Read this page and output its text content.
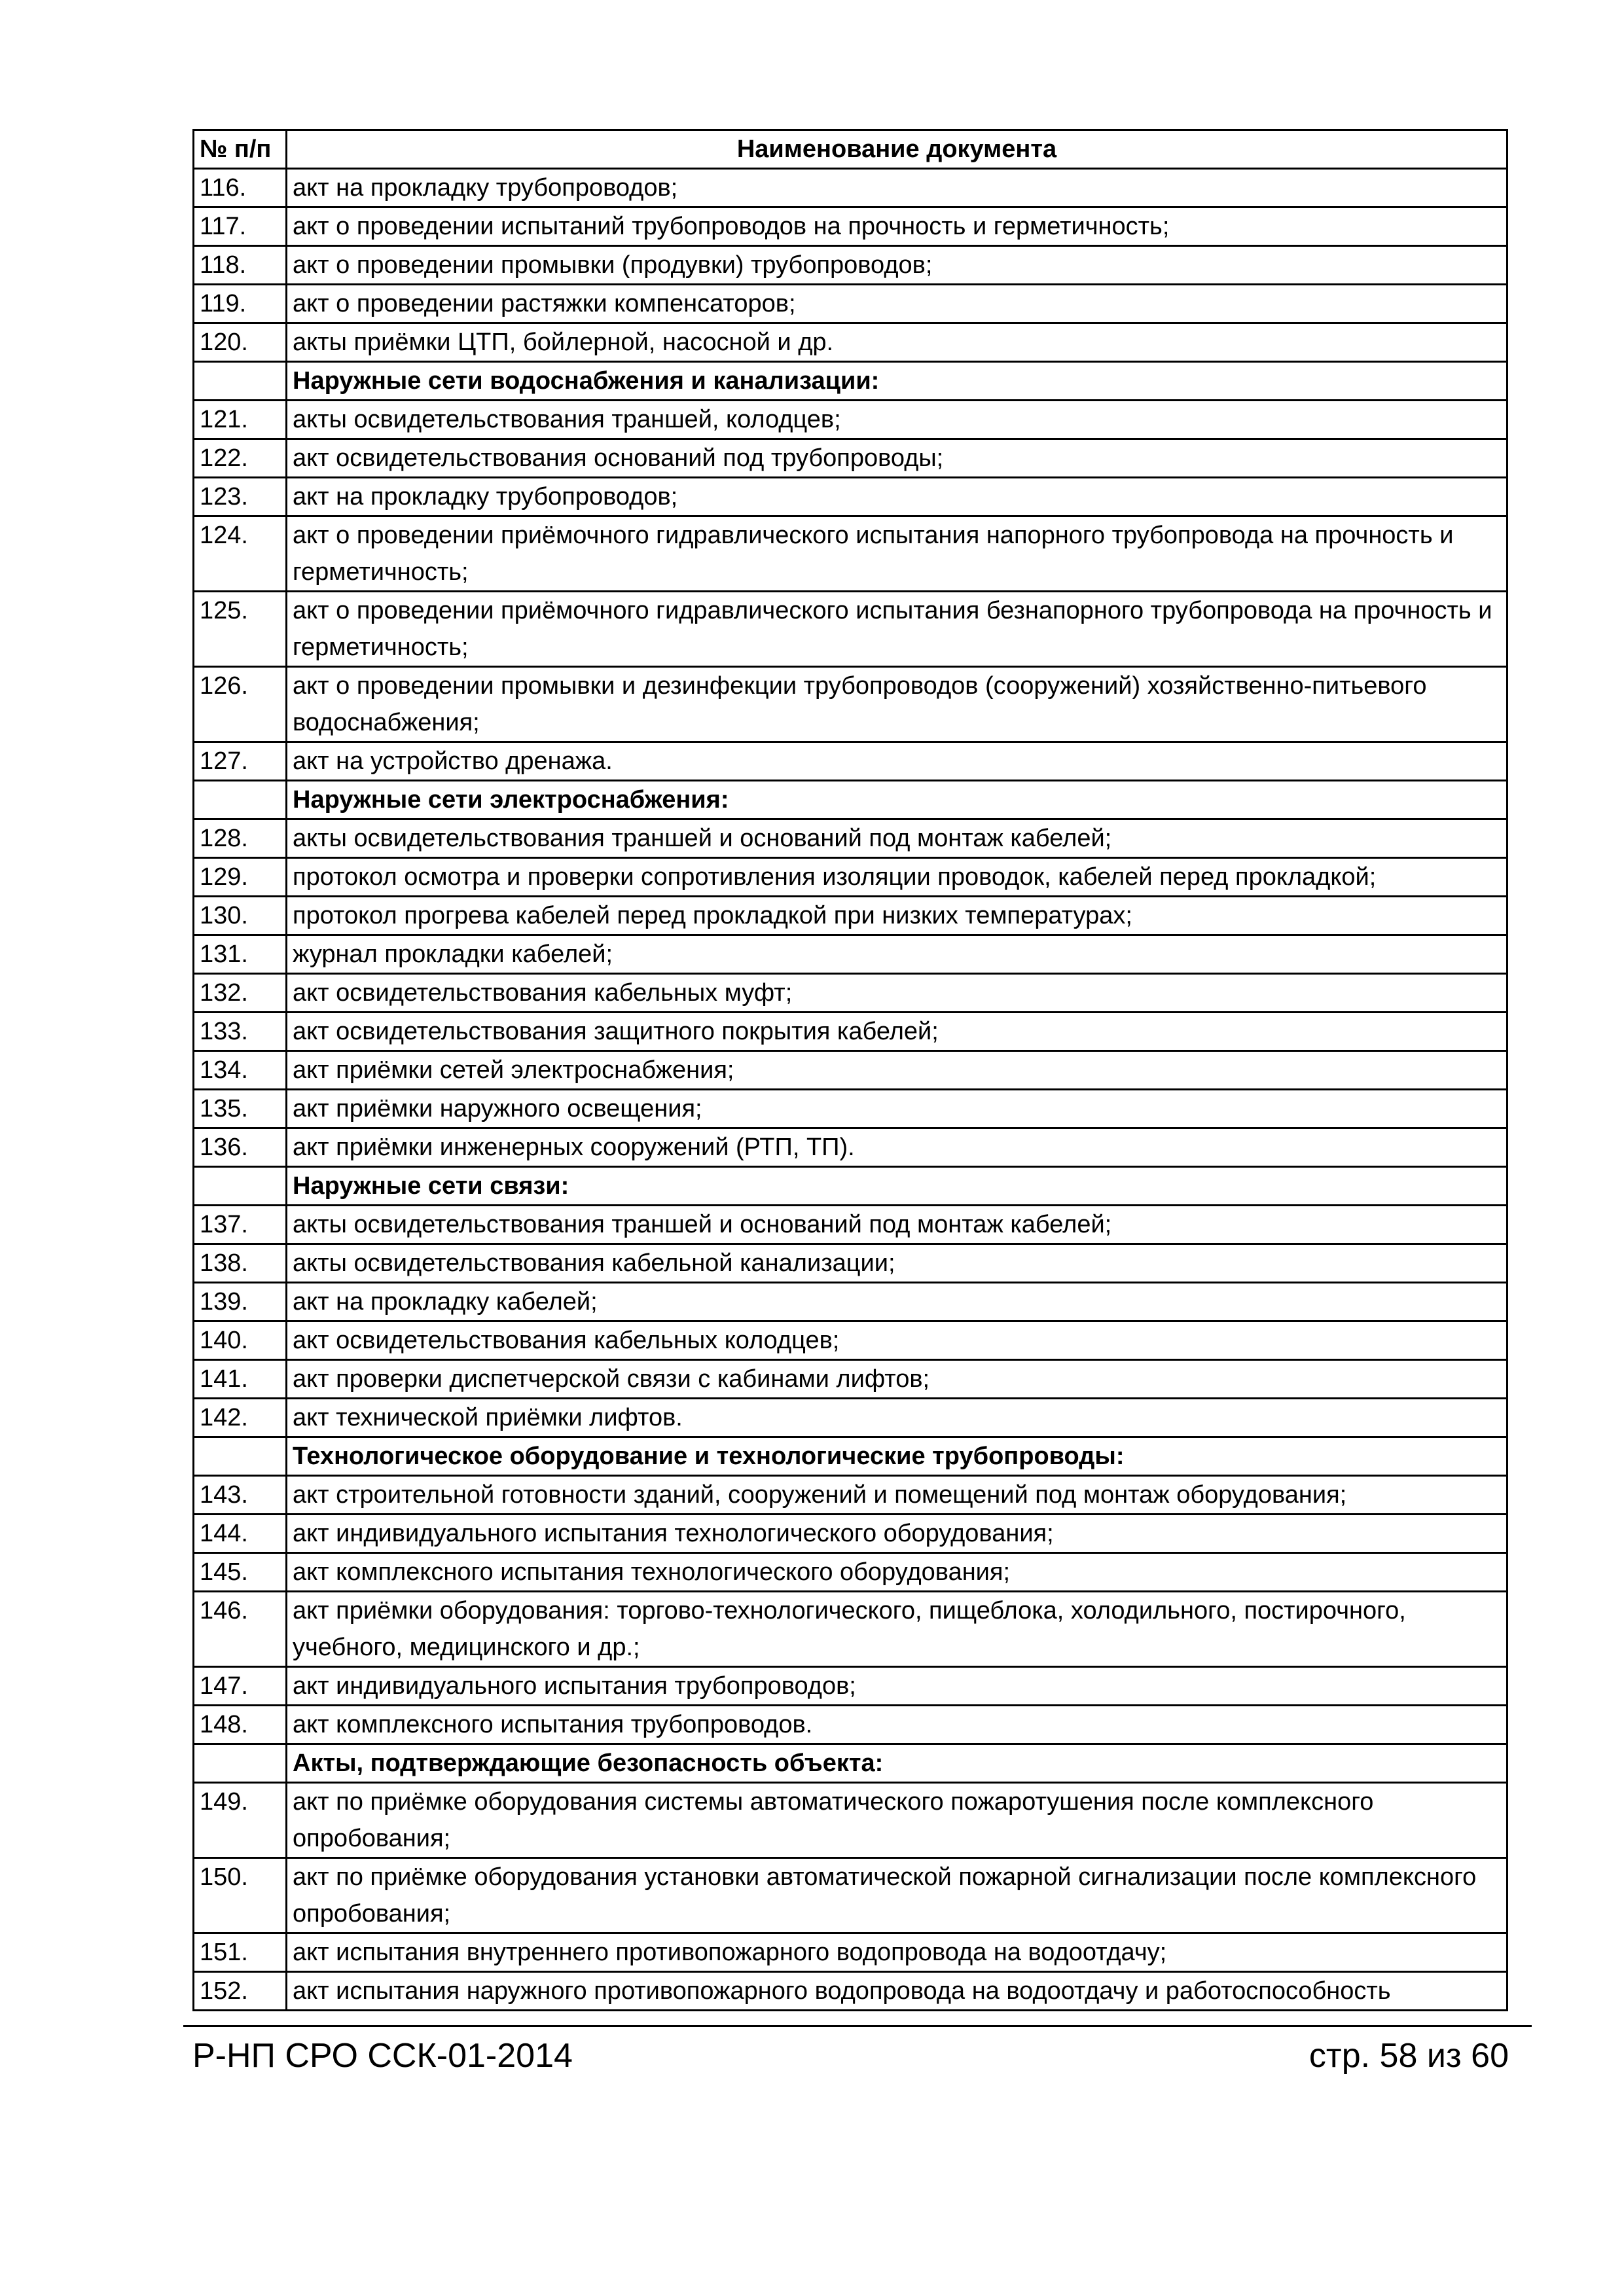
№ п/п	Наименование документа
116.	акт на прокладку трубопроводов;
117.	акт о проведении испытаний трубопроводов на прочность и герметичность;
118.	акт о проведении промывки (продувки) трубопроводов;
119.	акт о проведении растяжки компенсаторов;
120.	акты приёмки ЦТП, бойлерной, насосной и др.
	Наружные сети водоснабжения и канализации:
121.	акты освидетельствования траншей, колодцев;
122.	акт освидетельствования оснований под трубопроводы;
123.	акт на прокладку трубопроводов;
124.	акт о проведении приёмочного гидравлического испытания напорного трубопровода на прочность и герметичность;
125.	акт о проведении приёмочного гидравлического испытания безнапорного трубопровода на прочность и герметичность;
126.	акт о проведении промывки и дезинфекции трубопроводов (сооружений) хозяйственно-питьевого водоснабжения;
127.	акт на устройство дренажа.
	Наружные сети электроснабжения:
128.	акты освидетельствования траншей и оснований под монтаж кабелей;
129.	протокол осмотра и проверки сопротивления изоляции проводок, кабелей перед прокладкой;
130.	протокол прогрева кабелей перед прокладкой при низких температурах;
131.	журнал прокладки кабелей;
132.	акт освидетельствования кабельных муфт;
133.	акт освидетельствования защитного покрытия кабелей;
134.	акт приёмки сетей электроснабжения;
135.	акт приёмки наружного освещения;
136.	акт приёмки инженерных сооружений (РТП, ТП).
	Наружные сети связи:
137.	акты освидетельствования траншей и оснований под монтаж кабелей;
138.	акты освидетельствования кабельной канализации;
139.	акт на прокладку кабелей;
140.	акт освидетельствования кабельных колодцев;
141.	акт проверки диспетчерской связи с кабинами лифтов;
142.	акт технической приёмки лифтов.
	Технологическое оборудование и технологические трубопроводы:
143.	акт строительной готовности зданий, сооружений и помещений под монтаж оборудования;
144.	акт индивидуального испытания технологического оборудования;
145.	акт комплексного испытания технологического оборудования;
146.	акт приёмки оборудования: торгово-технологического, пищеблока, холодильного, постирочного, учебного, медицинского и др.;
147.	акт индивидуального испытания трубопроводов;
148.	акт комплексного испытания трубопроводов.
	Акты, подтверждающие безопасность объекта:
149.	акт по приёмке оборудования системы автоматического пожаротушения после комплексного опробования;
150.	акт по приёмке оборудования установки автоматической пожарной сигнализации после комплексного опробования;
151.	акт испытания внутреннего противопожарного водопровода на водоотдачу;
152.	акт испытания наружного противопожарного водопровода на водоотдачу и работоспособность
Р-НП СРО ССК-01-2014	стр. 58 из 60
